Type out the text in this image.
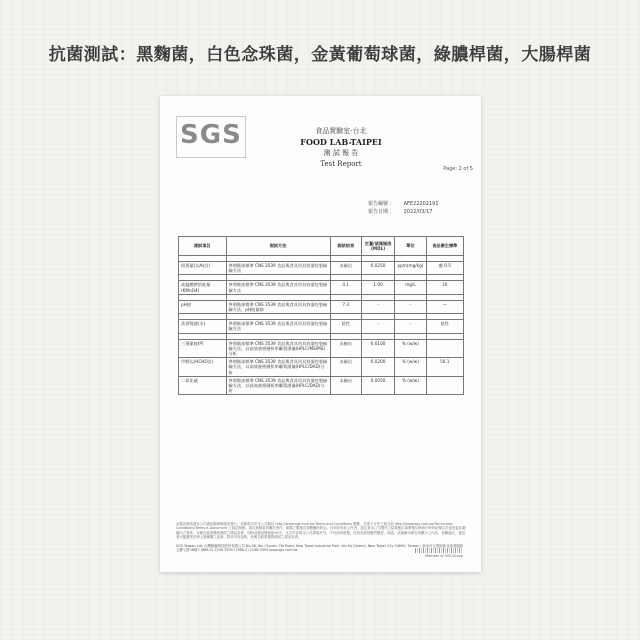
抗菌測試：黑麴菌，白色念珠菌，金黃葡萄球菌，綠膿桿菌，大腸桿菌
SGS	食品實驗室-台北
FOOD LAB-TAIPEI
測 試 報 告
Test Report
Page: 2 of 5
報告編號 : AFE22202191
報告日期 : 2022/03/17
測試項目	測試方法	測試結果	定量/偵測極限(MDL)	單位	食品衛生標準

鉛黃量(以As計)	參照衛部標準 CNS 3539 食品與食具用具容器包裝檢驗方法	未檢出	0.0250	ppm(mg/kg)	應 0.5

高錳酸鉀消耗量(KMnO4)	參照衛部標準 CNS 3539 食品與食具用具容器包裝檢驗方法	4.1	1.00	mg/L	10

pH值	參照衛部標準 CNS 3539 食品與食具用具容器包裝檢驗方法，pH值量測	7.3	-	-	—

蒸發殘渣(水)	參照衛部標準 CNS 3539 食品與食具用具容器包裝檢驗方法	陰性	-	-	陰性

三聚氰胺(P)	參照衛部標準 CNS 3539 食品與食具用具容器包裝檢驗方法，以高效液相層析串聯質譜儀(HPLC/MS/MS)分析	未檢出	0.0100	% (w/w)	
甲醛(以HCHO計)	參照衛部標準 CNS 3539 食品與食具用具容器包裝檢驗方法，以高效液相層析串聯質譜儀(HPLC/DAD)分析	未檢出	0.0200	% (w/w)	50.1
二氧化硫	參照衛部標準 CNS 3539 食品與食具用具容器包裝檢驗方法，以高效液相層析串聯質譜儀(HPLC/DAD)分析	未檢出	0.0050	% (w/w)	
此報告係依據本公司通用服務條款所發行，其條款可於本公司網站 http://www.sgs.com.tw/Terms-and-Conditions 閱覽，凡電子文件之格式依 http://www.sgs.com.tw/Terms-and-Conditions/Terms-e-Document 之規定辦理。請注意條款有關於責任、賠償之限制及管轄權的約定。任何持有此文件者，請注意本公司製作之結果報告書將僅反映執行時所紀錄且於接受委託範圍內之事實。本報告結果僅對測試之樣品負責，同時此樣品僅保留90天。本文件非經本公司書面許可，不可部份複製。任何未經授權的變更、偽造、或曲解本報告所顯示之內容，皆屬違法，違犯者可能遭受法律上最嚴厲之追訴。除非另有說明，此報告結果僅對測試之樣品負責。
SGS Taiwan Ltd. 台灣檢驗科技股份有限公司 No.38, Wu Chyuan 7th Road, New Taipei Industrial Park, Wu Ku District, New Taipei City 24890, Taiwan / 新北市五股區新北產業園區五權七路38號 t (886-2) 2299-3939 f (886-2) 2298-9393 www.sgs.com.tw
Member of SGS Group
